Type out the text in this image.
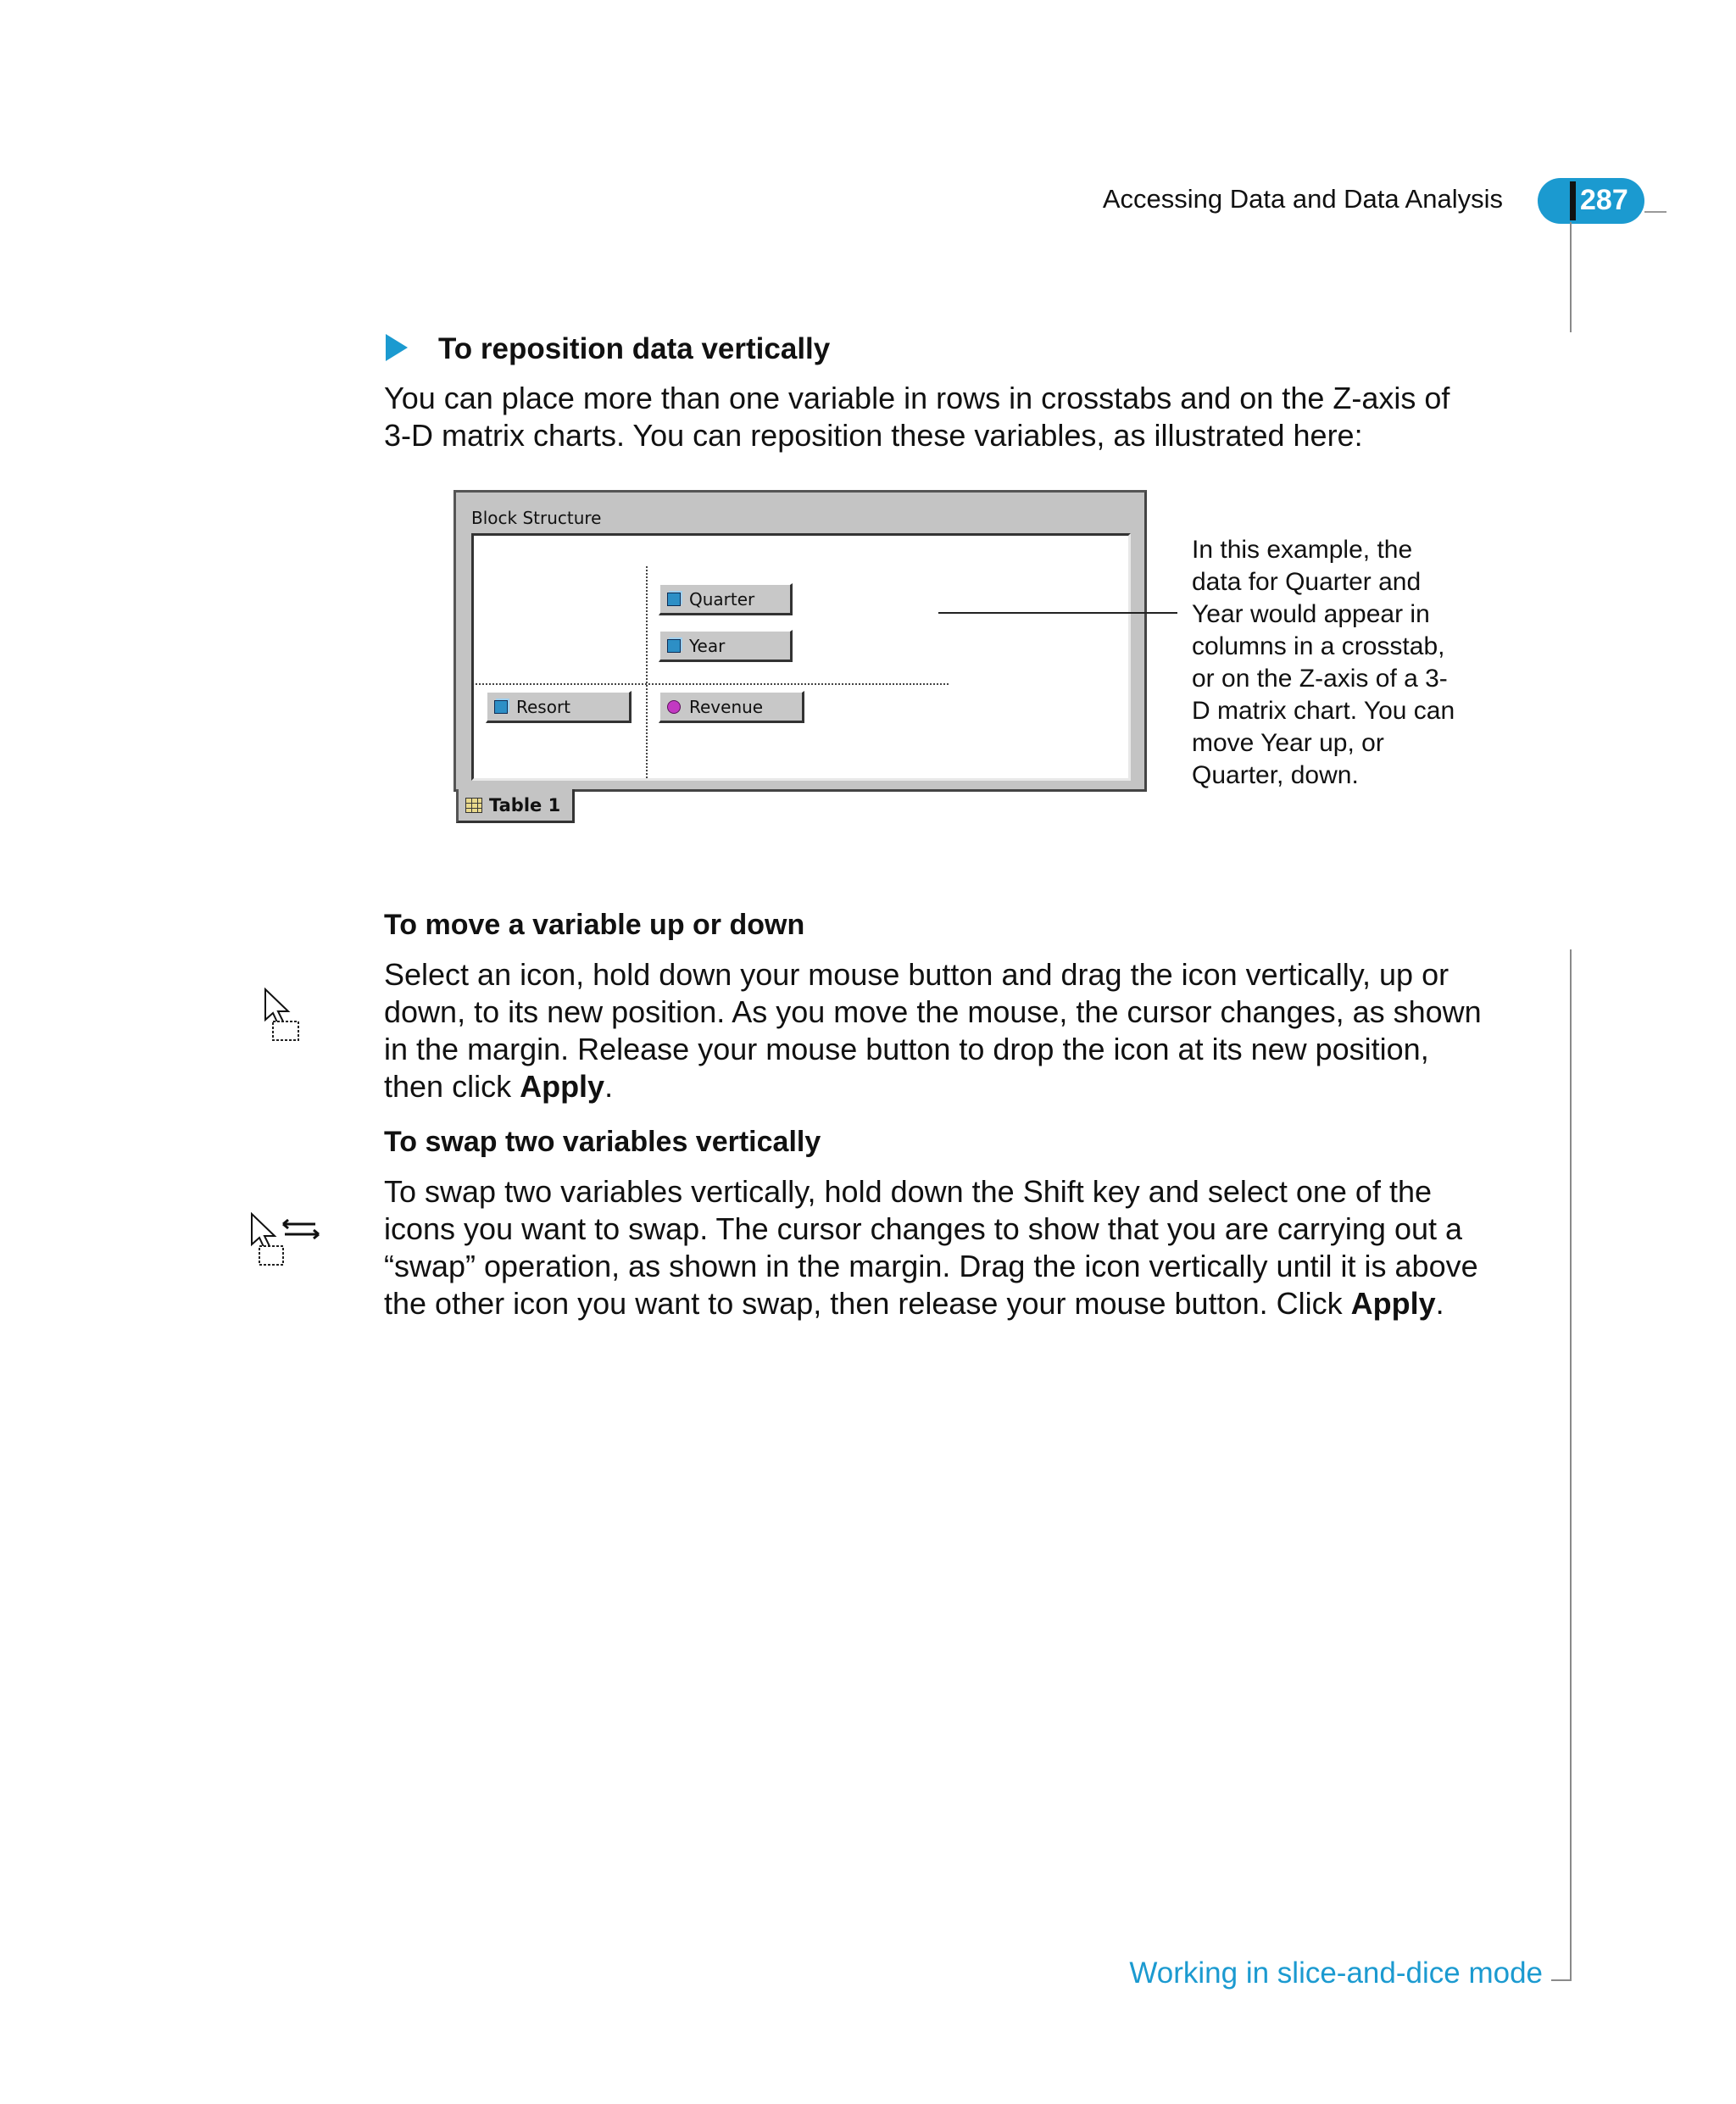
Accessing Data and Data Analysis	287
To reposition data vertically

You can place more than one variable in rows in crosstabs and on the Z-axis of

3-D matrix charts. You can reposition these variables, as illustrated here:

Block Structure
Quarter
Year
Resort	Revenue
Table 1

In this example, the

data for Quarter and

Year would appear in

columns in a crosstab,

or on the Z-axis of a 3-

D matrix chart. You can

move Year up, or

Quarter, down.

To move a variable up or down

Select an icon, hold down your mouse button and drag the icon vertically, up or

down, to its new position. As you move the mouse, the cursor changes, as shown

in the margin. Release your mouse button to drop the icon at its new position,

then click Apply.

To swap two variables vertically

To swap two variables vertically, hold down the Shift key and select one of the

icons you want to swap. The cursor changes to show that you are carrying out a

“swap” operation, as shown in the margin. Drag the icon vertically until it is above

the other icon you want to swap, then release your mouse button. Click Apply.

Working in slice-and-dice mode
